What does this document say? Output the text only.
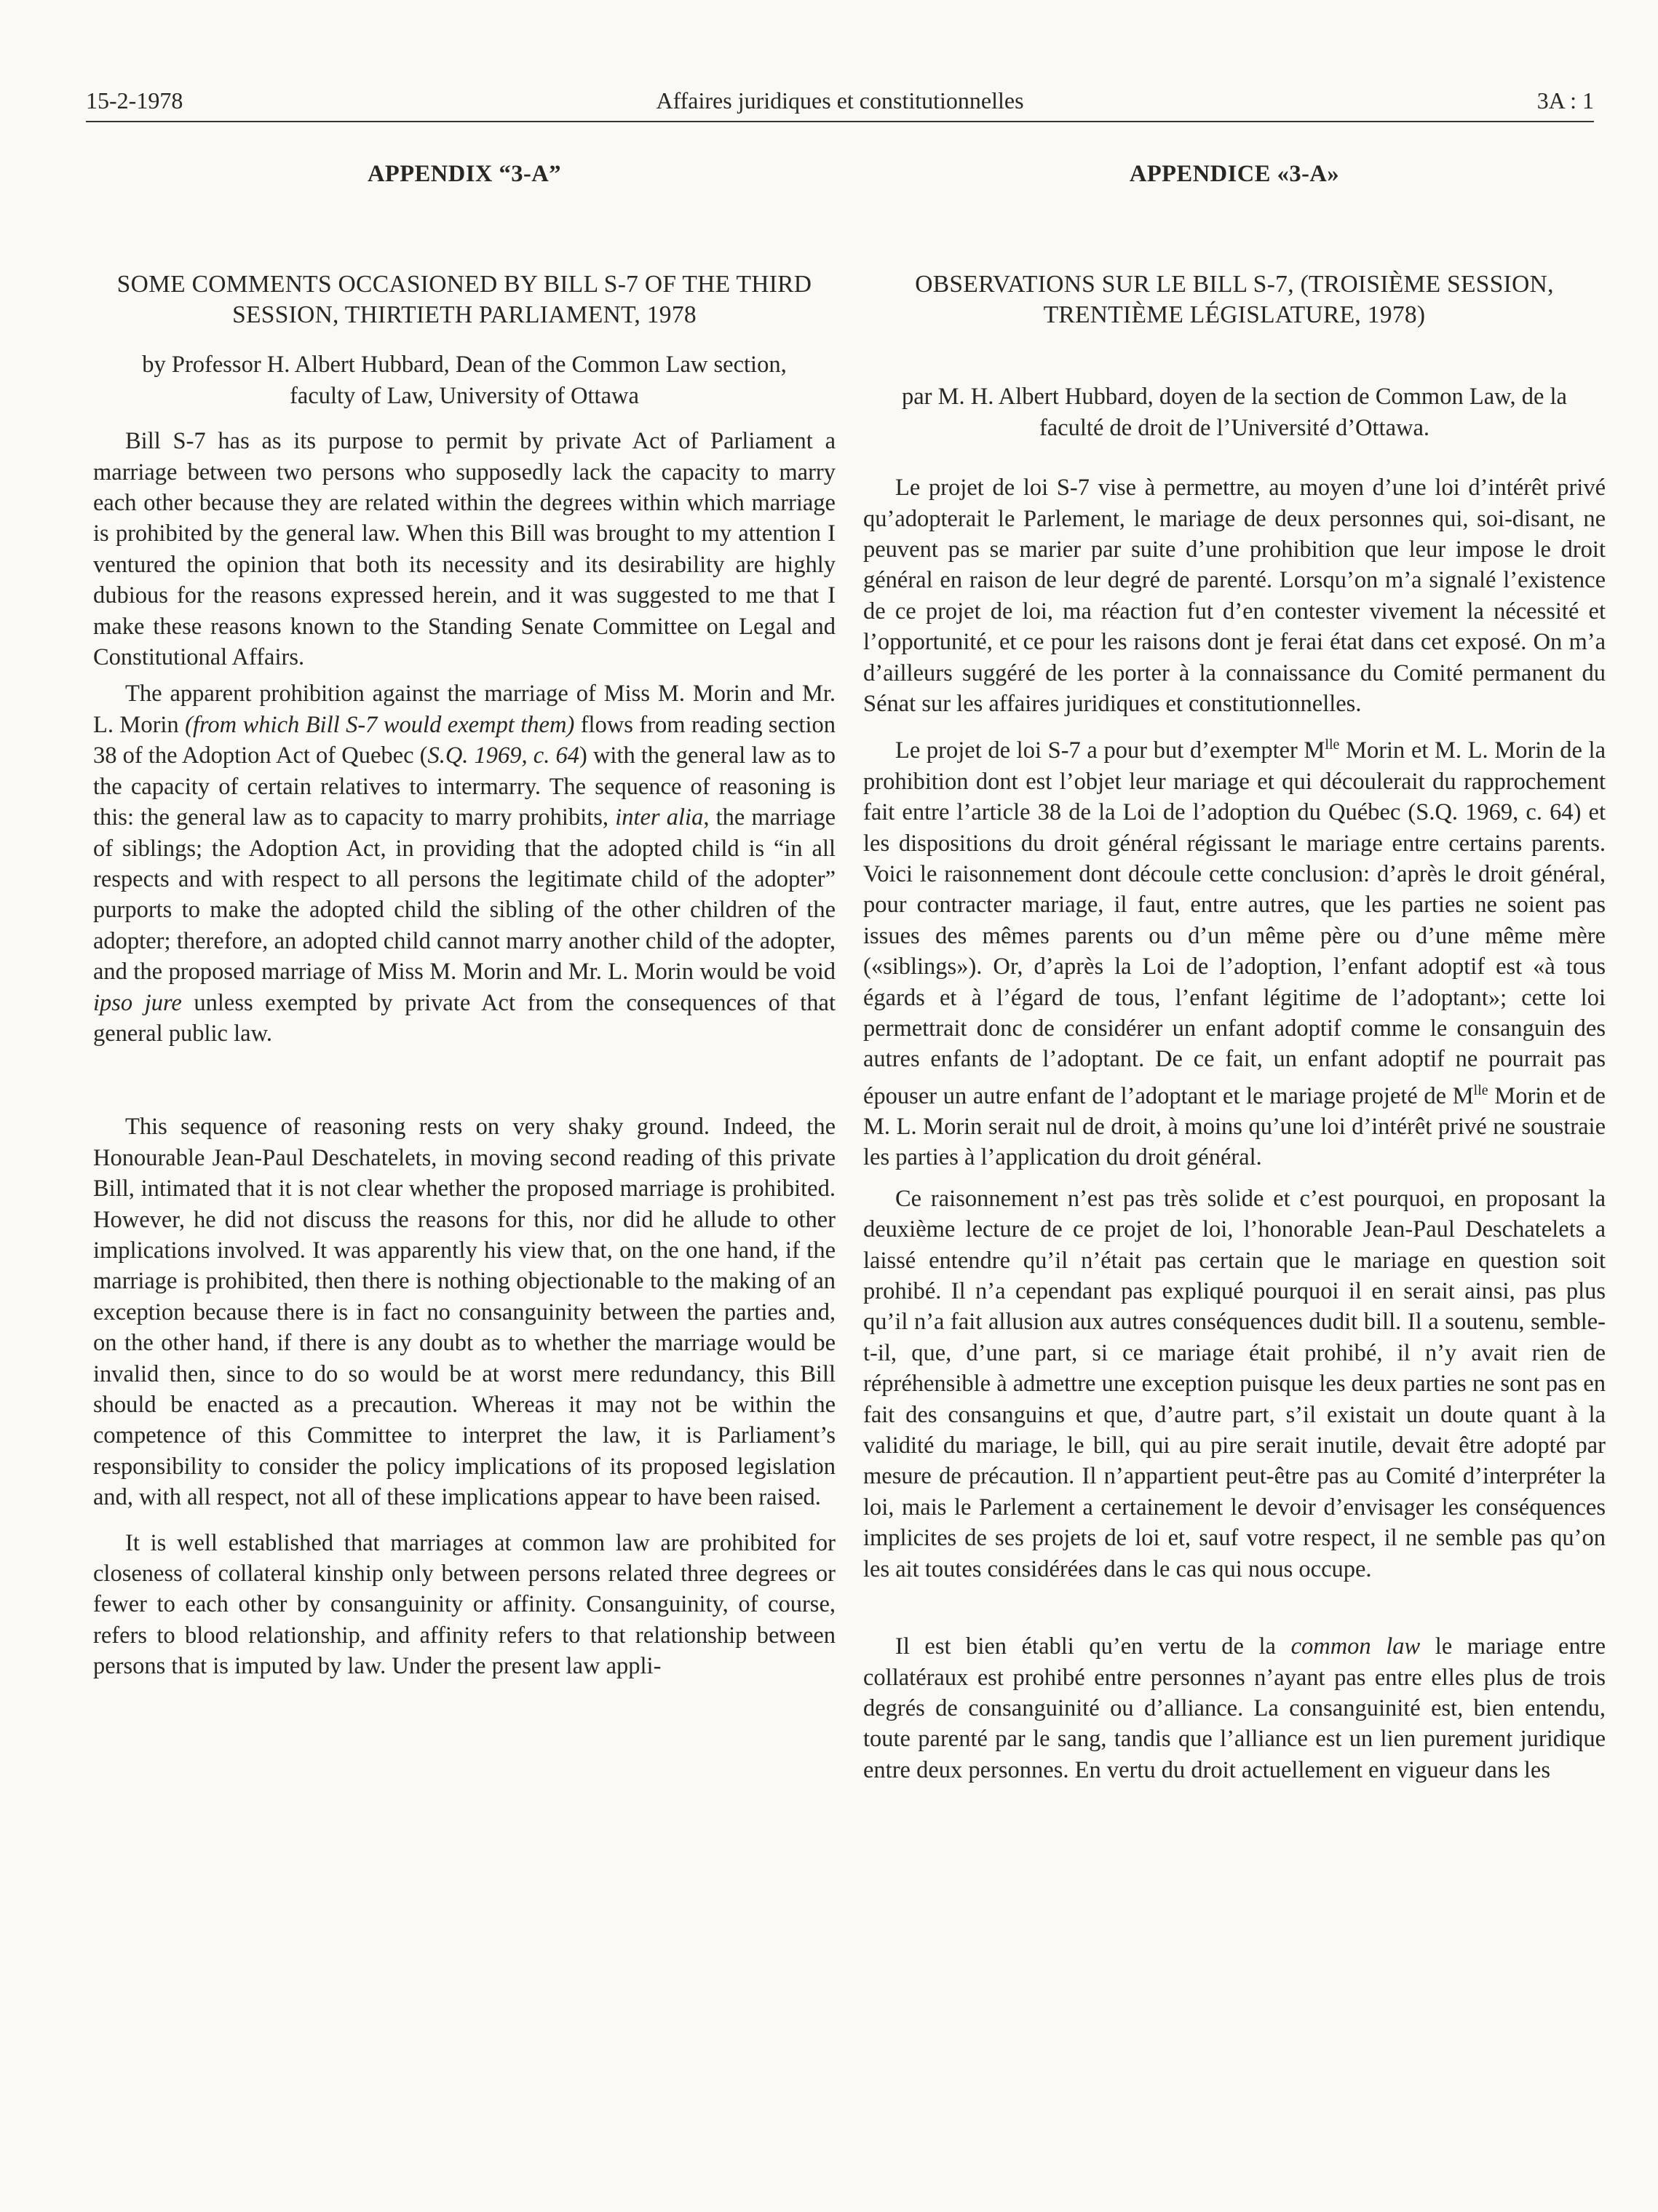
15-2-1978	Affaires juridiques et constitutionnelles	3A : 1

APPENDIX “3-A”

SOME COMMENTS OCCASIONED BY BILL S-7 OF THE THIRD SESSION, THIRTIETH PARLIAMENT, 1978

by Professor H. Albert Hubbard, Dean of the Common Law section, faculty of Law, University of Ottawa

Bill S-7 has as its purpose to permit by private Act of Parliament a marriage between two persons who supposedly lack the capacity to marry each other because they are related within the degrees within which marriage is prohibited by the general law. When this Bill was brought to my attention I ventured the opinion that both its necessity and its desirability are highly dubious for the reasons expressed herein, and it was suggested to me that I make these reasons known to the Standing Senate Committee on Legal and Constitutional Affairs.

The apparent prohibition against the marriage of Miss M. Morin and Mr. L. Morin (from which Bill S-7 would exempt them) flows from reading section 38 of the Adoption Act of Quebec (S.Q. 1969, c. 64) with the general law as to the capacity of certain relatives to intermarry. The sequence of reasoning is this: the general law as to capacity to marry prohibits, inter alia, the marriage of siblings; the Adoption Act, in providing that the adopted child is “in all respects and with respect to all persons the legitimate child of the adopter” purports to make the adopted child the sibling of the other children of the adopter; therefore, an adopted child cannot marry another child of the adopter, and the proposed marriage of Miss M. Morin and Mr. L. Morin would be void ipso jure unless exempted by private Act from the consequences of that general public law.

This sequence of reasoning rests on very shaky ground. Indeed, the Honourable Jean-Paul Deschatelets, in moving second reading of this private Bill, intimated that it is not clear whether the proposed marriage is prohibited. However, he did not discuss the reasons for this, nor did he allude to other implications involved. It was apparently his view that, on the one hand, if the marriage is prohibited, then there is nothing objectionable to the making of an exception because there is in fact no consanguinity between the parties and, on the other hand, if there is any doubt as to whether the marriage would be invalid then, since to do so would be at worst mere redundancy, this Bill should be enacted as a precaution. Whereas it may not be within the competence of this Committee to interpret the law, it is Parliament’s responsibility to consider the policy implications of its proposed legislation and, with all respect, not all of these implications appear to have been raised.

It is well established that marriages at common law are prohibited for closeness of collateral kinship only between persons related three degrees or fewer to each other by consanguinity or affinity. Consanguinity, of course, refers to blood relationship, and affinity refers to that relationship between persons that is imputed by law. Under the present law appli-

APPENDICE «3-A»

OBSERVATIONS SUR LE BILL S-7, (TROISIÈME SESSION, TRENTIÈME LÉGISLATURE, 1978)

par M. H. Albert Hubbard, doyen de la section de Common Law, de la faculté de droit de l’Université d’Ottawa.

Le projet de loi S-7 vise à permettre, au moyen d’une loi d’intérêt privé qu’adopterait le Parlement, le mariage de deux personnes qui, soi-disant, ne peuvent pas se marier par suite d’une prohibition que leur impose le droit général en raison de leur degré de parenté. Lorsqu’on m’a signalé l’existence de ce projet de loi, ma réaction fut d’en contester vivement la nécessité et l’opportunité, et ce pour les raisons dont je ferai état dans cet exposé. On m’a d’ailleurs suggéré de les porter à la connaissance du Comité permanent du Sénat sur les affaires juridiques et constitutionnelles.

Le projet de loi S-7 a pour but d’exempter $M^{lle}$ Morin et M. L. Morin de la prohibition dont est l’objet leur mariage et qui découlerait du rapprochement fait entre l’article 38 de la Loi de l’adoption du Québec (S.Q. 1969, c. 64) et les dispositions du droit général régissant le mariage entre certains parents. Voici le raisonnement dont découle cette conclusion: d’après le droit général, pour contracter mariage, il faut, entre autres, que les parties ne soient pas issues des mêmes parents ou d’un même père ou d’une même mère («siblings»). Or, d’après la Loi de l’adoption, l’enfant adoptif est «à tous égards et à l’égard de tous, l’enfant légitime de l’adoptant»; cette loi permettrait donc de considérer un enfant adoptif comme le consanguin des autres enfants de l’adoptant. De ce fait, un enfant adoptif ne pourrait pas épouser un autre enfant de l’adoptant et le mariage projeté de $M^{lle}$ Morin et de M. L. Morin serait nul de droit, à moins qu’une loi d’intérêt privé ne soustraie les parties à l’application du droit général.

Ce raisonnement n’est pas très solide et c’est pourquoi, en proposant la deuxième lecture de ce projet de loi, l’honorable Jean-Paul Deschatelets a laissé entendre qu’il n’était pas certain que le mariage en question soit prohibé. Il n’a cependant pas expliqué pourquoi il en serait ainsi, pas plus qu’il n’a fait allusion aux autres conséquences dudit bill. Il a soutenu, semble-t-il, que, d’une part, si ce mariage était prohibé, il n’y avait rien de répréhensible à admettre une exception puisque les deux parties ne sont pas en fait des consanguins et que, d’autre part, s’il existait un doute quant à la validité du mariage, le bill, qui au pire serait inutile, devait être adopté par mesure de précaution. Il n’appartient peut-être pas au Comité d’interpréter la loi, mais le Parlement a certainement le devoir d’envisager les conséquences implicites de ses projets de loi et, sauf votre respect, il ne semble pas qu’on les ait toutes considérées dans le cas qui nous occupe.

Il est bien établi qu’en vertu de la common law le mariage entre collatéraux est prohibé entre personnes n’ayant pas entre elles plus de trois degrés de consanguinité ou d’alliance. La consanguinité est, bien entendu, toute parenté par le sang, tandis que l’alliance est un lien purement juridique entre deux personnes. En vertu du droit actuellement en vigueur dans les
